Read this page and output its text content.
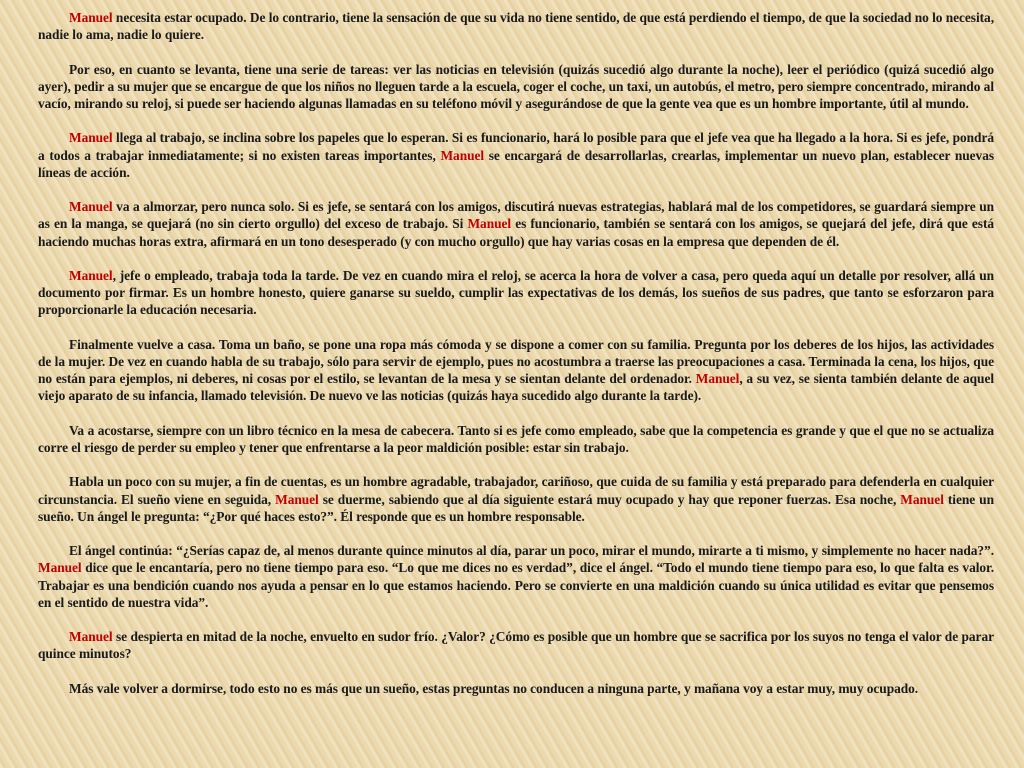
Manuel necesita estar ocupado. De lo contrario, tiene la sensación de que su vida no tiene sentido, de que está perdiendo el tiempo, de que la sociedad no lo necesita, nadie lo ama, nadie lo quiere.

Por eso, en cuanto se levanta, tiene una serie de tareas: ver las noticias en televisión (quizás sucedió algo durante la noche), leer el periódico (quizá sucedió algo ayer), pedir a su mujer que se encargue de que los niños no lleguen tarde a la escuela, coger el coche, un taxi, un autobús, el metro, pero siempre concentrado, mirando al vacío, mirando su reloj, si puede ser haciendo algunas llamadas en su teléfono móvil y asegurándose de que la gente vea que es un hombre importante, útil al mundo.

Manuel llega al trabajo, se inclina sobre los papeles que lo esperan. Si es funcionario, hará lo posible para que el jefe vea que ha llegado a la hora. Si es jefe, pondrá a todos a trabajar inmediatamente; si no existen tareas importantes, Manuel se encargará de desarrollarlas, crearlas, implementar un nuevo plan, establecer nuevas líneas de acción.

Manuel va a almorzar, pero nunca solo. Si es jefe, se sentará con los amigos, discutirá nuevas estrategias, hablará mal de los competidores, se guardará siempre un as en la manga, se quejará (no sin cierto orgullo) del exceso de trabajo. Si Manuel es funcionario, también se sentará con los amigos, se quejará del jefe, dirá que está haciendo muchas horas extra, afirmará en un tono desesperado (y con mucho orgullo) que hay varias cosas en la empresa que dependen de él.

Manuel, jefe o empleado, trabaja toda la tarde. De vez en cuando mira el reloj, se acerca la hora de volver a casa, pero queda aquí un detalle por resolver, allá un documento por firmar. Es un hombre honesto, quiere ganarse su sueldo, cumplir las expectativas de los demás, los sueños de sus padres, que tanto se esforzaron para proporcionarle la educación necesaria.

Finalmente vuelve a casa. Toma un baño, se pone una ropa más cómoda y se dispone a comer con su familia. Pregunta por los deberes de los hijos, las actividades de la mujer. De vez en cuando habla de su trabajo, sólo para servir de ejemplo, pues no acostumbra a traerse las preocupaciones a casa. Terminada la cena, los hijos, que no están para ejemplos, ni deberes, ni cosas por el estilo, se levantan de la mesa y se sientan delante del ordenador. Manuel, a su vez, se sienta también delante de aquel viejo aparato de su infancia, llamado televisión. De nuevo ve las noticias (quizás haya sucedido algo durante la tarde).

Va a acostarse, siempre con un libro técnico en la mesa de cabecera. Tanto si es jefe como empleado, sabe que la competencia es grande y que el que no se actualiza corre el riesgo de perder su empleo y tener que enfrentarse a la peor maldición posible: estar sin trabajo.

Habla un poco con su mujer, a fin de cuentas, es un hombre agradable, trabajador, cariñoso, que cuida de su familia y está preparado para defenderla en cualquier circunstancia. El sueño viene en seguida, Manuel se duerme, sabiendo que al día siguiente estará muy ocupado y hay que reponer fuerzas. Esa noche, Manuel tiene un sueño. Un ángel le pregunta: “¿Por qué haces esto?”. Él responde que es un hombre responsable.

El ángel continúa: “¿Serías capaz de, al menos durante quince minutos al día, parar un poco, mirar el mundo, mirarte a ti mismo, y simplemente no hacer nada?”. Manuel dice que le encantaría, pero no tiene tiempo para eso. “Lo que me dices no es verdad”, dice el ángel. “Todo el mundo tiene tiempo para eso, lo que falta es valor. Trabajar es una bendición cuando nos ayuda a pensar en lo que estamos haciendo. Pero se convierte en una maldición cuando su única utilidad es evitar que pensemos en el sentido de nuestra vida”.

Manuel se despierta en mitad de la noche, envuelto en sudor frío. ¿Valor? ¿Cómo es posible que un hombre que se sacrifica por los suyos no tenga el valor de parar quince minutos?

Más vale volver a dormirse, todo esto no es más que un sueño, estas preguntas no conducen a ninguna parte, y mañana voy a estar muy, muy ocupado.
